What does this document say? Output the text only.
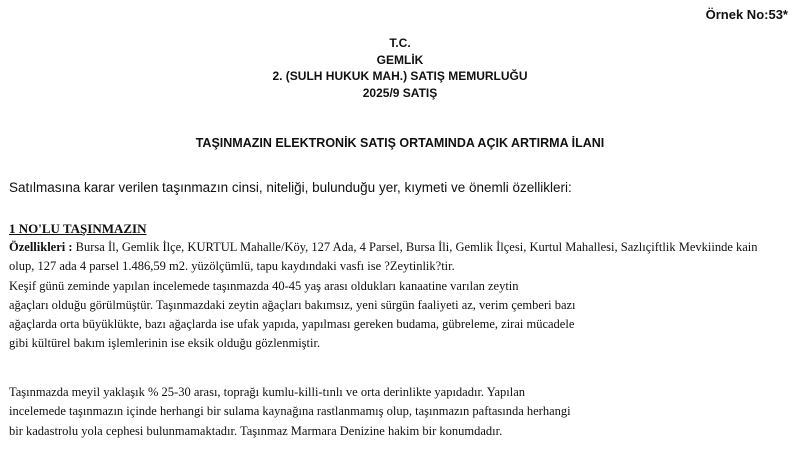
Örnek No:53*
T.C.
GEMLİK
2. (SULH HUKUK MAH.) SATIŞ MEMURLUĞU
2025/9 SATIŞ
TAŞINMAZIN ELEKTRONİK SATIŞ ORTAMINDA AÇIK ARTIRMA İLANI
Satılmasına karar verilen taşınmazın cinsi, niteliği, bulunduğu yer, kıymeti ve önemli özellikleri:
1 NO'LU TAŞINMAZIN
Özellikleri : Bursa İl, Gemlik İlçe, KURTUL Mahalle/Köy, 127 Ada, 4 Parsel, Bursa İli, Gemlik İlçesi, Kurtul Mahallesi, Sazlıçiftlik Mevkiinde kain
olup, 127 ada 4 parsel 1.486,59 m2. yüzölçümlü, tapu kaydındaki vasfı ise ?Zeytinlik?tir.
Keşif günü zeminde yapılan incelemede taşınmazda 40-45 yaş arası oldukları kanaatine varılan zeytin
ağaçları olduğu görülmüştür. Taşınmazdaki zeytin ağaçları bakımsız, yeni sürgün faaliyeti az, verim çemberi bazı
ağaçlarda orta büyüklükte, bazı ağaçlarda ise ufak yapıda, yapılması gereken budama, gübreleme, zirai mücadele
gibi kültürel bakım işlemlerinin ise eksik olduğu gözlenmiştir.
Taşınmazda meyil yaklaşık % 25-30 arası, toprağı kumlu-killi-tınlı ve orta derinlikte yapıdadır. Yapılan
incelemede taşınmazın içinde herhangi bir sulama kaynağına rastlanmamış olup, taşınmazın paftasında herhangi
bir kadastrolu yola cephesi bulunmamaktadır. Taşınmaz Marmara Denizine hakim bir konumdadır.
